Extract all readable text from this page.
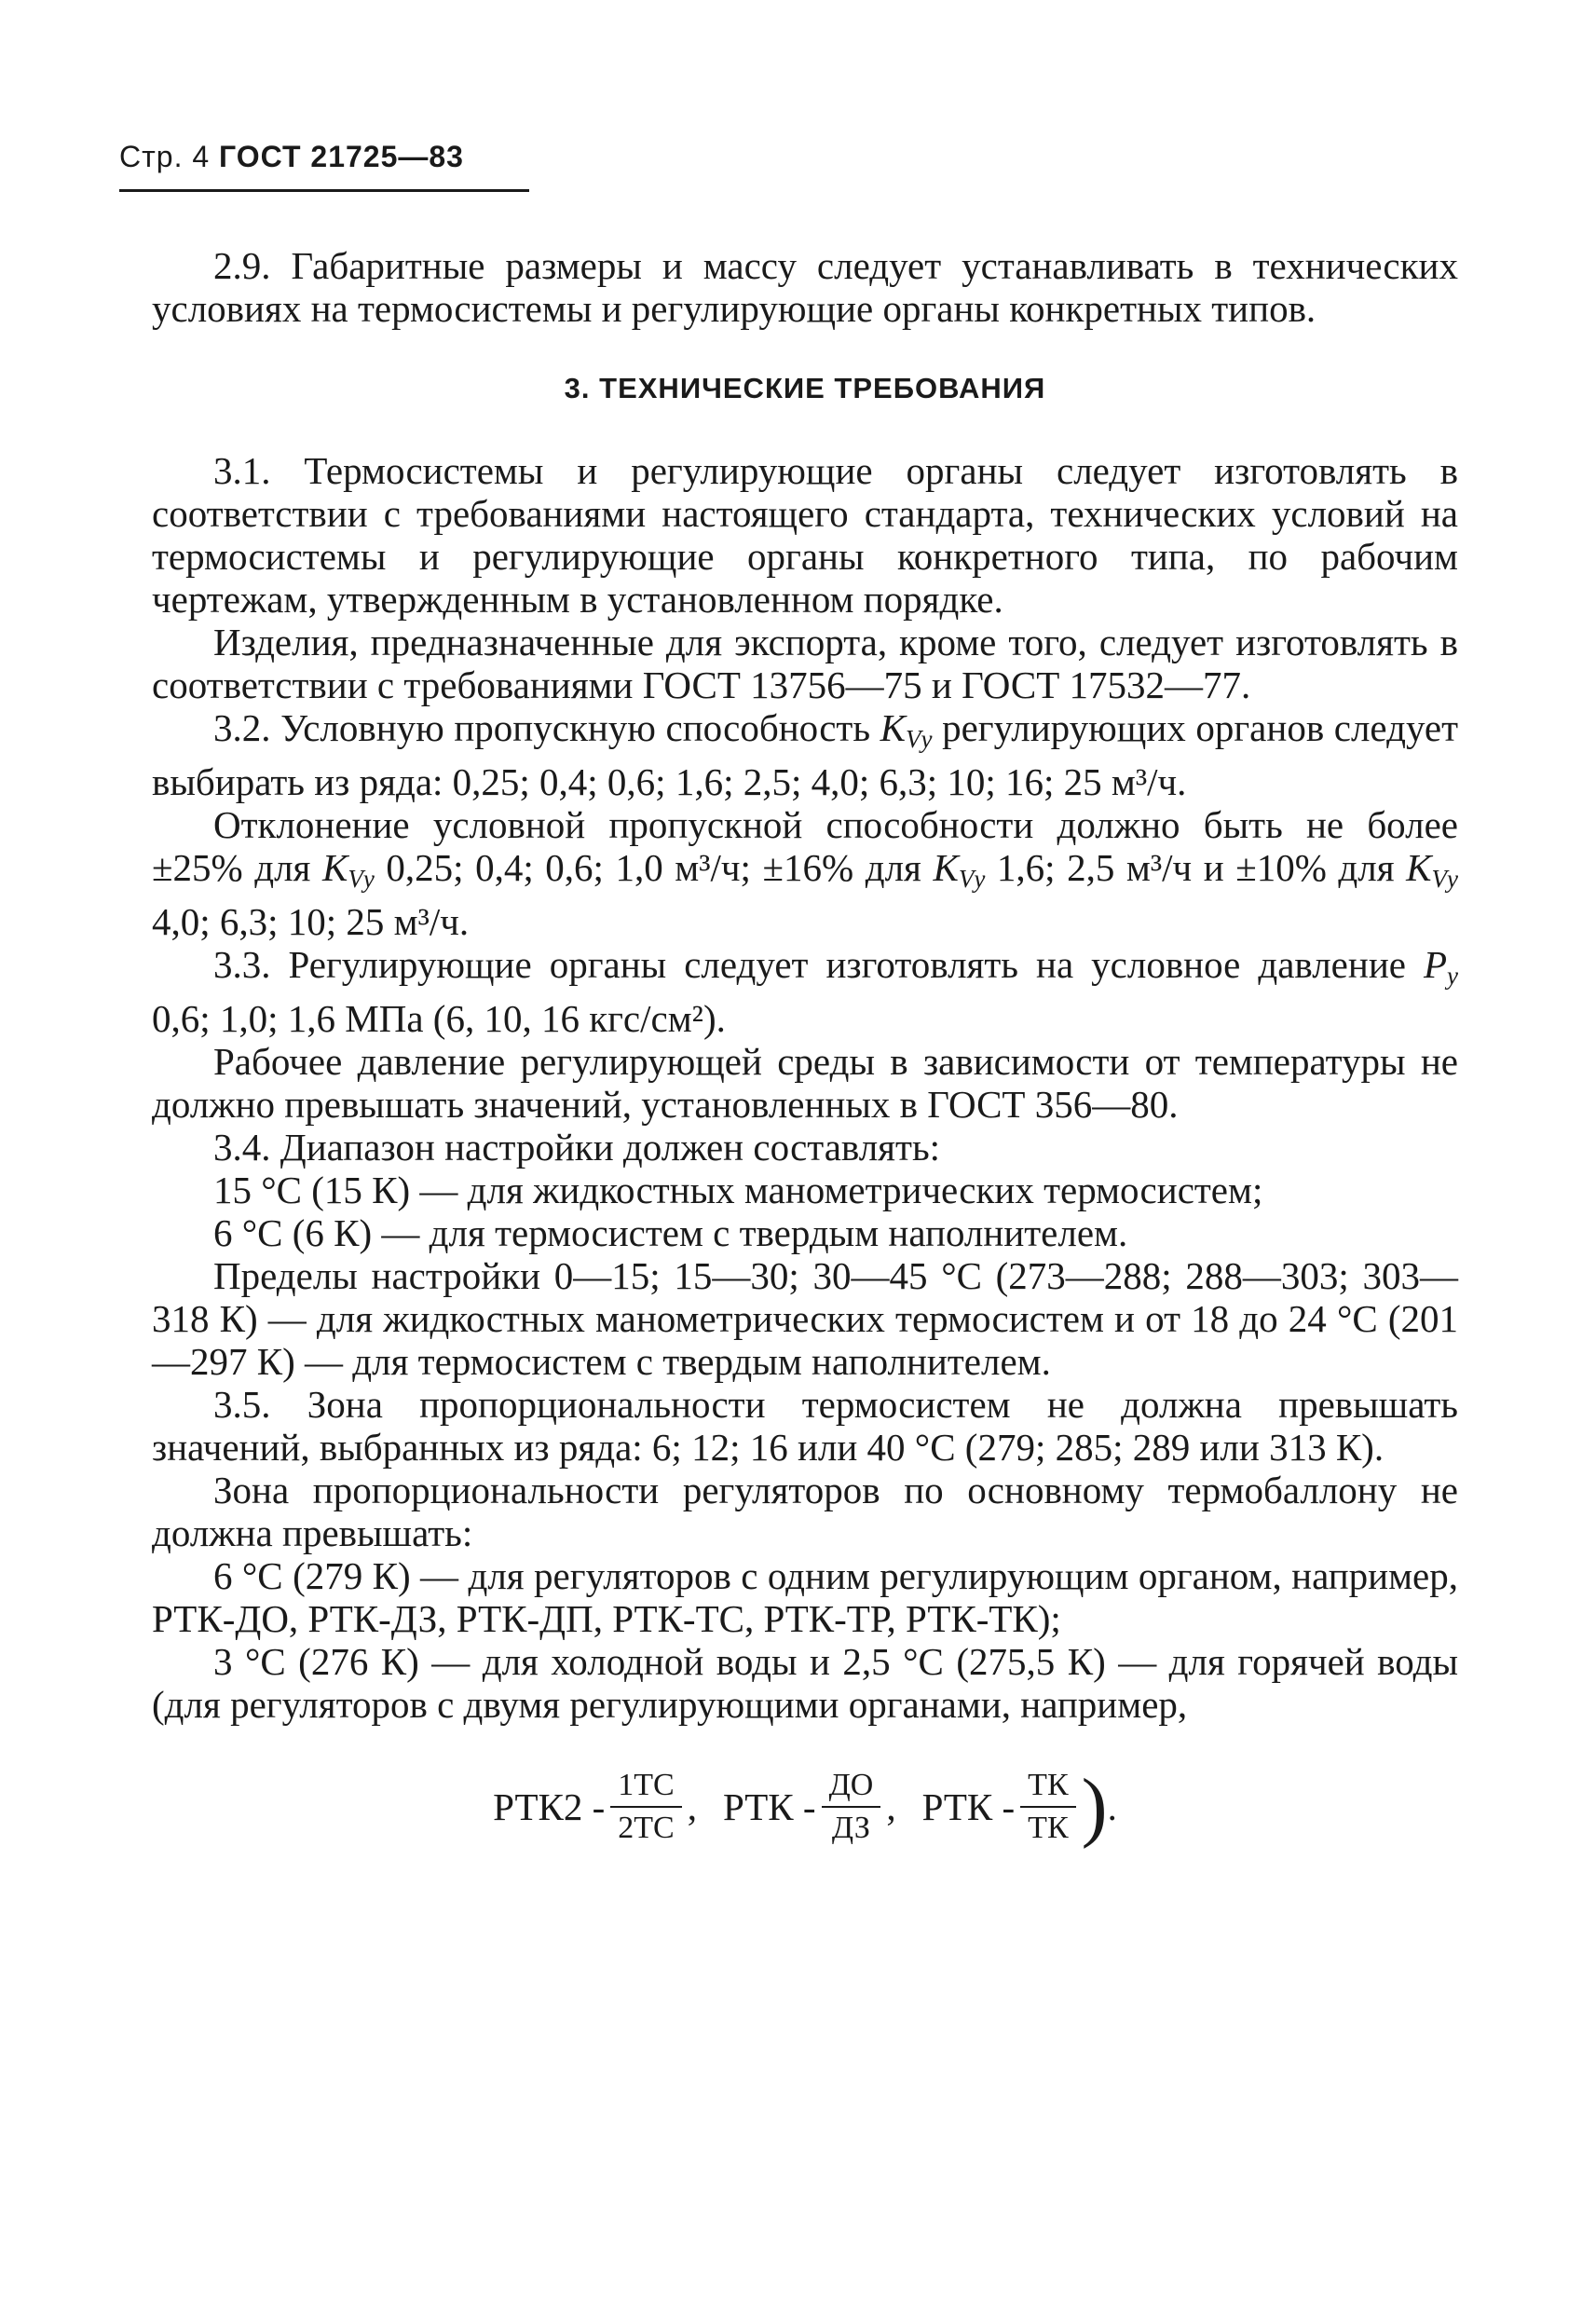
Стр. 4 ГОСТ 21725—83

2.9. Габаритные размеры и массу следует устанавливать в технических условиях на термосистемы и регулирующие органы конкретных типов.

3. ТЕХНИЧЕСКИЕ ТРЕБОВАНИЯ

3.1. Термосистемы и регулирующие органы следует изготовлять в соответствии с требованиями настоящего стандарта, технических условий на термосистемы и регулирующие органы конкретного типа, по рабочим чертежам, утвержденным в установленном порядке.

Изделия, предназначенные для экспорта, кроме того, следует изготовлять в соответствии с требованиями ГОСТ 13756—75 и ГОСТ 17532—77.

3.2. Условную пропускную способность $K_{Vу}$ регулирующих органов следует выбирать из ряда: 0,25; 0,4; 0,6; 1,6; 2,5; 4,0; 6,3; 10; 16; 25 м³/ч.

Отклонение условной пропускной способности должно быть не более ±25% для $K_{Vу}$ 0,25; 0,4; 0,6; 1,0 м³/ч; ±16% для $K_{Vу}$ 1,6; 2,5 м³/ч и ±10% для $K_{Vу}$ 4,0; 6,3; 10; 25 м³/ч.

3.3. Регулирующие органы следует изготовлять на условное давление $P_у$ 0,6; 1,0; 1,6 МПа (6, 10, 16 кгс/см²).

Рабочее давление регулирующей среды в зависимости от температуры не должно превышать значений, установленных в ГОСТ 356—80.

3.4. Диапазон настройки должен составлять:

15 °С (15 К) — для жидкостных манометрических термосистем;

6 °С (6 К) — для термосистем с твердым наполнителем.

Пределы настройки 0—15; 15—30; 30—45 °С (273—288; 288—303; 303—318 К) — для жидкостных манометрических термосистем и от 18 до 24 °С (201—297 К) — для термосистем с твердым наполнителем.

3.5. Зона пропорциональности термосистем не должна превышать значений, выбранных из ряда: 6; 12; 16 или 40 °С (279; 285; 289 или 313 К).

Зона пропорциональности регуляторов по основному термобаллону не должна превышать:

6 °С (279 К) — для регуляторов с одним регулирующим органом, например, РТК-ДО, РТК-ДЗ, РТК-ДП, РТК-ТС, РТК-ТР, РТК-ТК);

3 °С (276 К) — для холодной воды и 2,5 °С (275,5 К) — для горячей воды (для регуляторов с двумя регулирующими органами, например,

$РТК2 - \frac{1ТС}{2ТС}$ , РТК - $\frac{ДО}{ДЗ}$ , РТК - $\frac{ТК}{ТК}$ ) .
